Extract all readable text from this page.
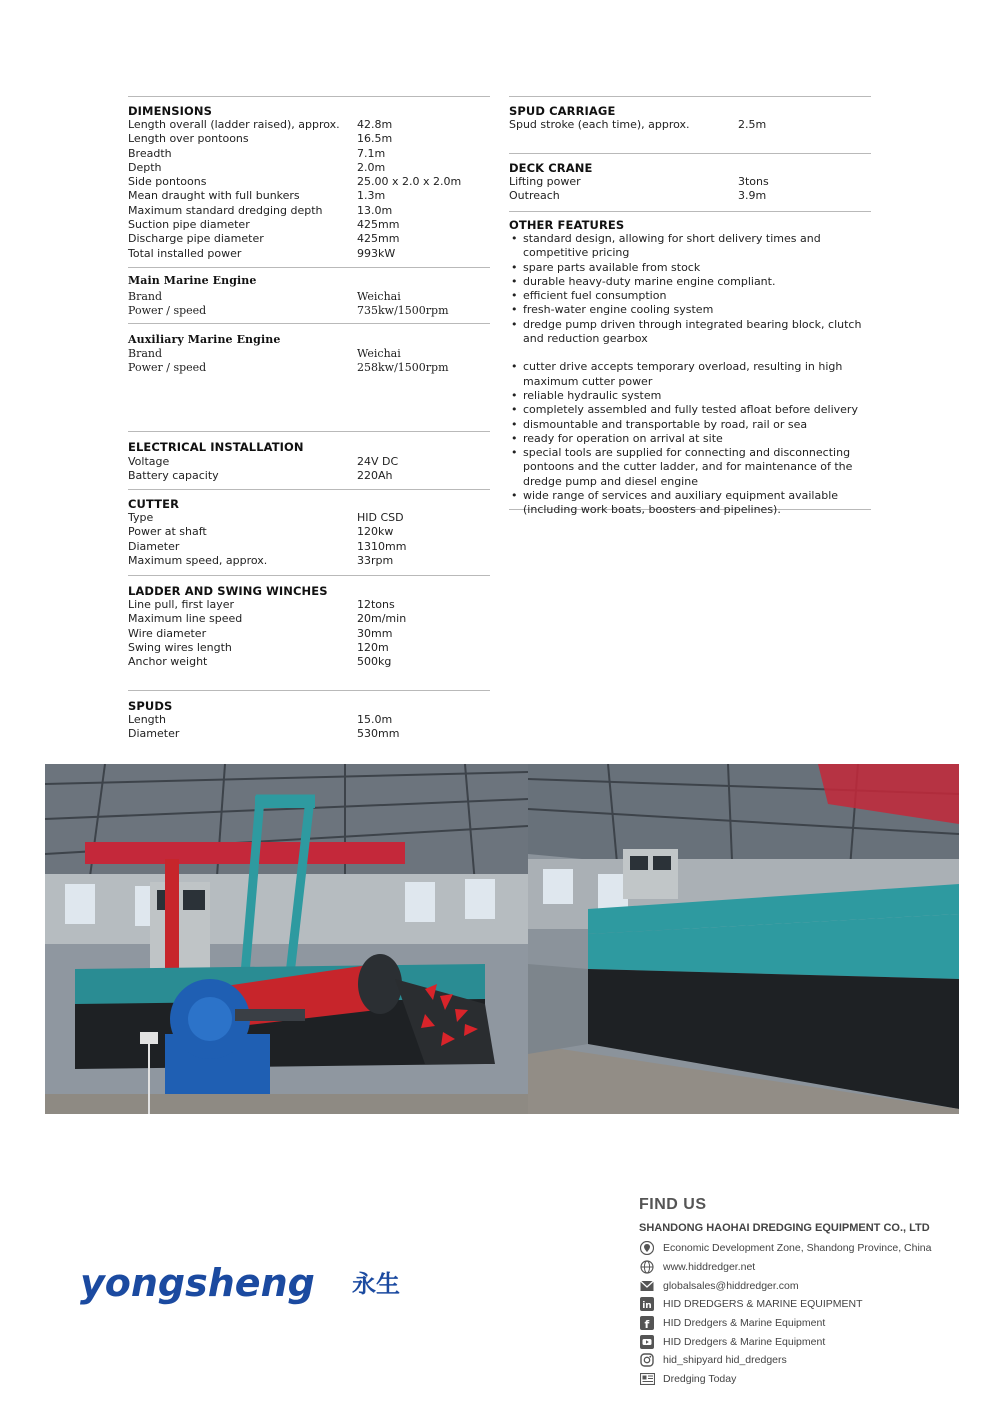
DIMENSIONS
Length overall (ladder raised), approx.	42.8m
Length over pontoons	16.5m
Breadth	7.1m
Depth	2.0m
Side pontoons	25.00 x 2.0 x 2.0m
Mean draught with full bunkers	1.3m
Maximum standard dredging depth	13.0m
Suction pipe diameter	425mm
Discharge pipe diameter	425mm
Total installed power	993kW
Main Marine Engine
Brand	Weichai
Power / speed	735kw/1500rpm
Auxiliary Marine Engine
Brand	Weichai
Power / speed	258kw/1500rpm
ELECTRICAL INSTALLATION
Voltage	24V DC
Battery capacity	220Ah
CUTTER
Type	HID CSD
Power at shaft	120kw
Diameter	1310mm
Maximum speed, approx.	33rpm
LADDER AND SWING WINCHES
Line pull, first layer	12tons
Maximum line speed	20m/min
Wire diameter	30mm
Swing wires length	120m
Anchor weight	500kg
SPUDS
Length	15.0m
Diameter	530mm
SPUD CARRIAGE
Spud stroke (each time), approx.	2.5m
DECK CRANE
Lifting power	3tons
Outreach	3.9m
OTHER FEATURES
• standard design, allowing for short delivery times and competitive pricing
• spare parts available from stock
• durable heavy-duty marine engine compliant.
• efficient fuel consumption
• fresh-water engine cooling system
• dredge pump driven through integrated bearing block, clutch and reduction gearbox
• cutter drive accepts temporary overload, resulting in high maximum cutter power
• reliable hydraulic system
• completely assembled and fully tested afloat before delivery
• dismountable and transportable by road, rail or sea
• ready for operation on arrival at site
• special tools are supplied for connecting and disconnecting pontoons and the cutter ladder, and for maintenance of the dredge pump and diesel engine
• wide range of services and auxiliary equipment available (including work boats, boosters and pipelines).
yongsheng 永生
FIND US
SHANDONG HAOHAI DREDGING EQUIPMENT CO., LTD
Economic Development Zone, Shandong Province, China
www.hiddredger.net
globalsales@hiddredger.com
in HID DREDGERS & MARINE EQUIPMENT
f HID Dredgers & Marine Equipment
HID Dredgers & Marine Equipment
hid_shipyard hid_dredgers
Dredging Today
